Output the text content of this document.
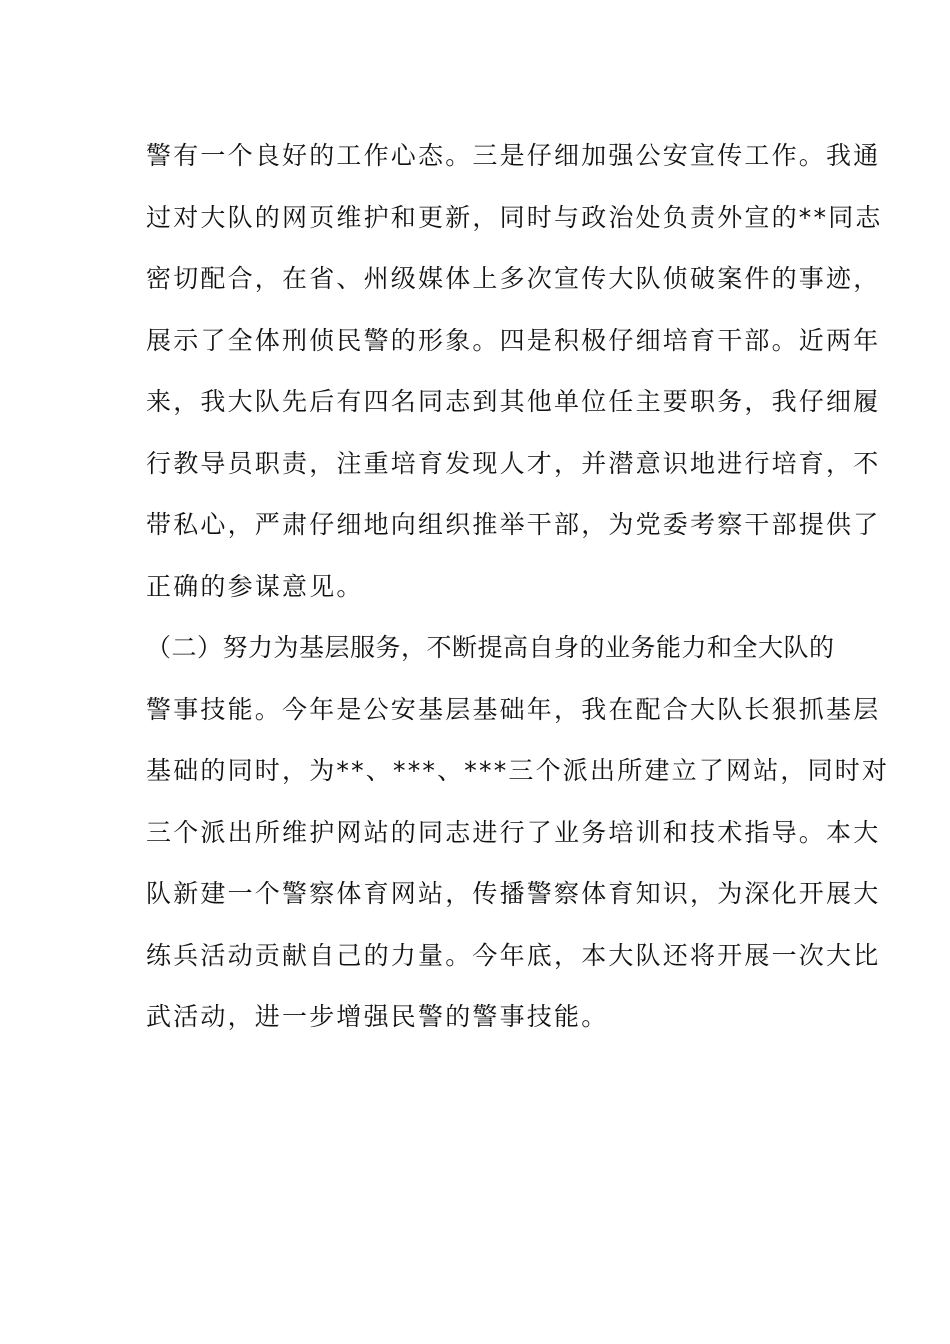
警有一个良好的工作心态。三是仔细加强公安宣传工作。我通
过对大队的网页维护和更新，同时与政治处负责外宣的**同志
密切配合，在省、州级媒体上多次宣传大队侦破案件的事迹，
展示了全体刑侦民警的形象。四是积极仔细培育干部。近两年
来，我大队先后有四名同志到其他单位任主要职务，我仔细履
行教导员职责，注重培育发现人才，并潜意识地进行培育，不
带私心，严肃仔细地向组织推举干部，为党委考察干部提供了
正确的参谋意见。
（二）努力为基层服务，不断提高自身的业务能力和全大队的
警事技能。今年是公安基层基础年，我在配合大队长狠抓基层
基础的同时，为**、***、***三个派出所建立了网站，同时对
三个派出所维护网站的同志进行了业务培训和技术指导。本大
队新建一个警察体育网站，传播警察体育知识，为深化开展大
练兵活动贡献自己的力量。今年底，本大队还将开展一次大比
武活动，进一步增强民警的警事技能。
